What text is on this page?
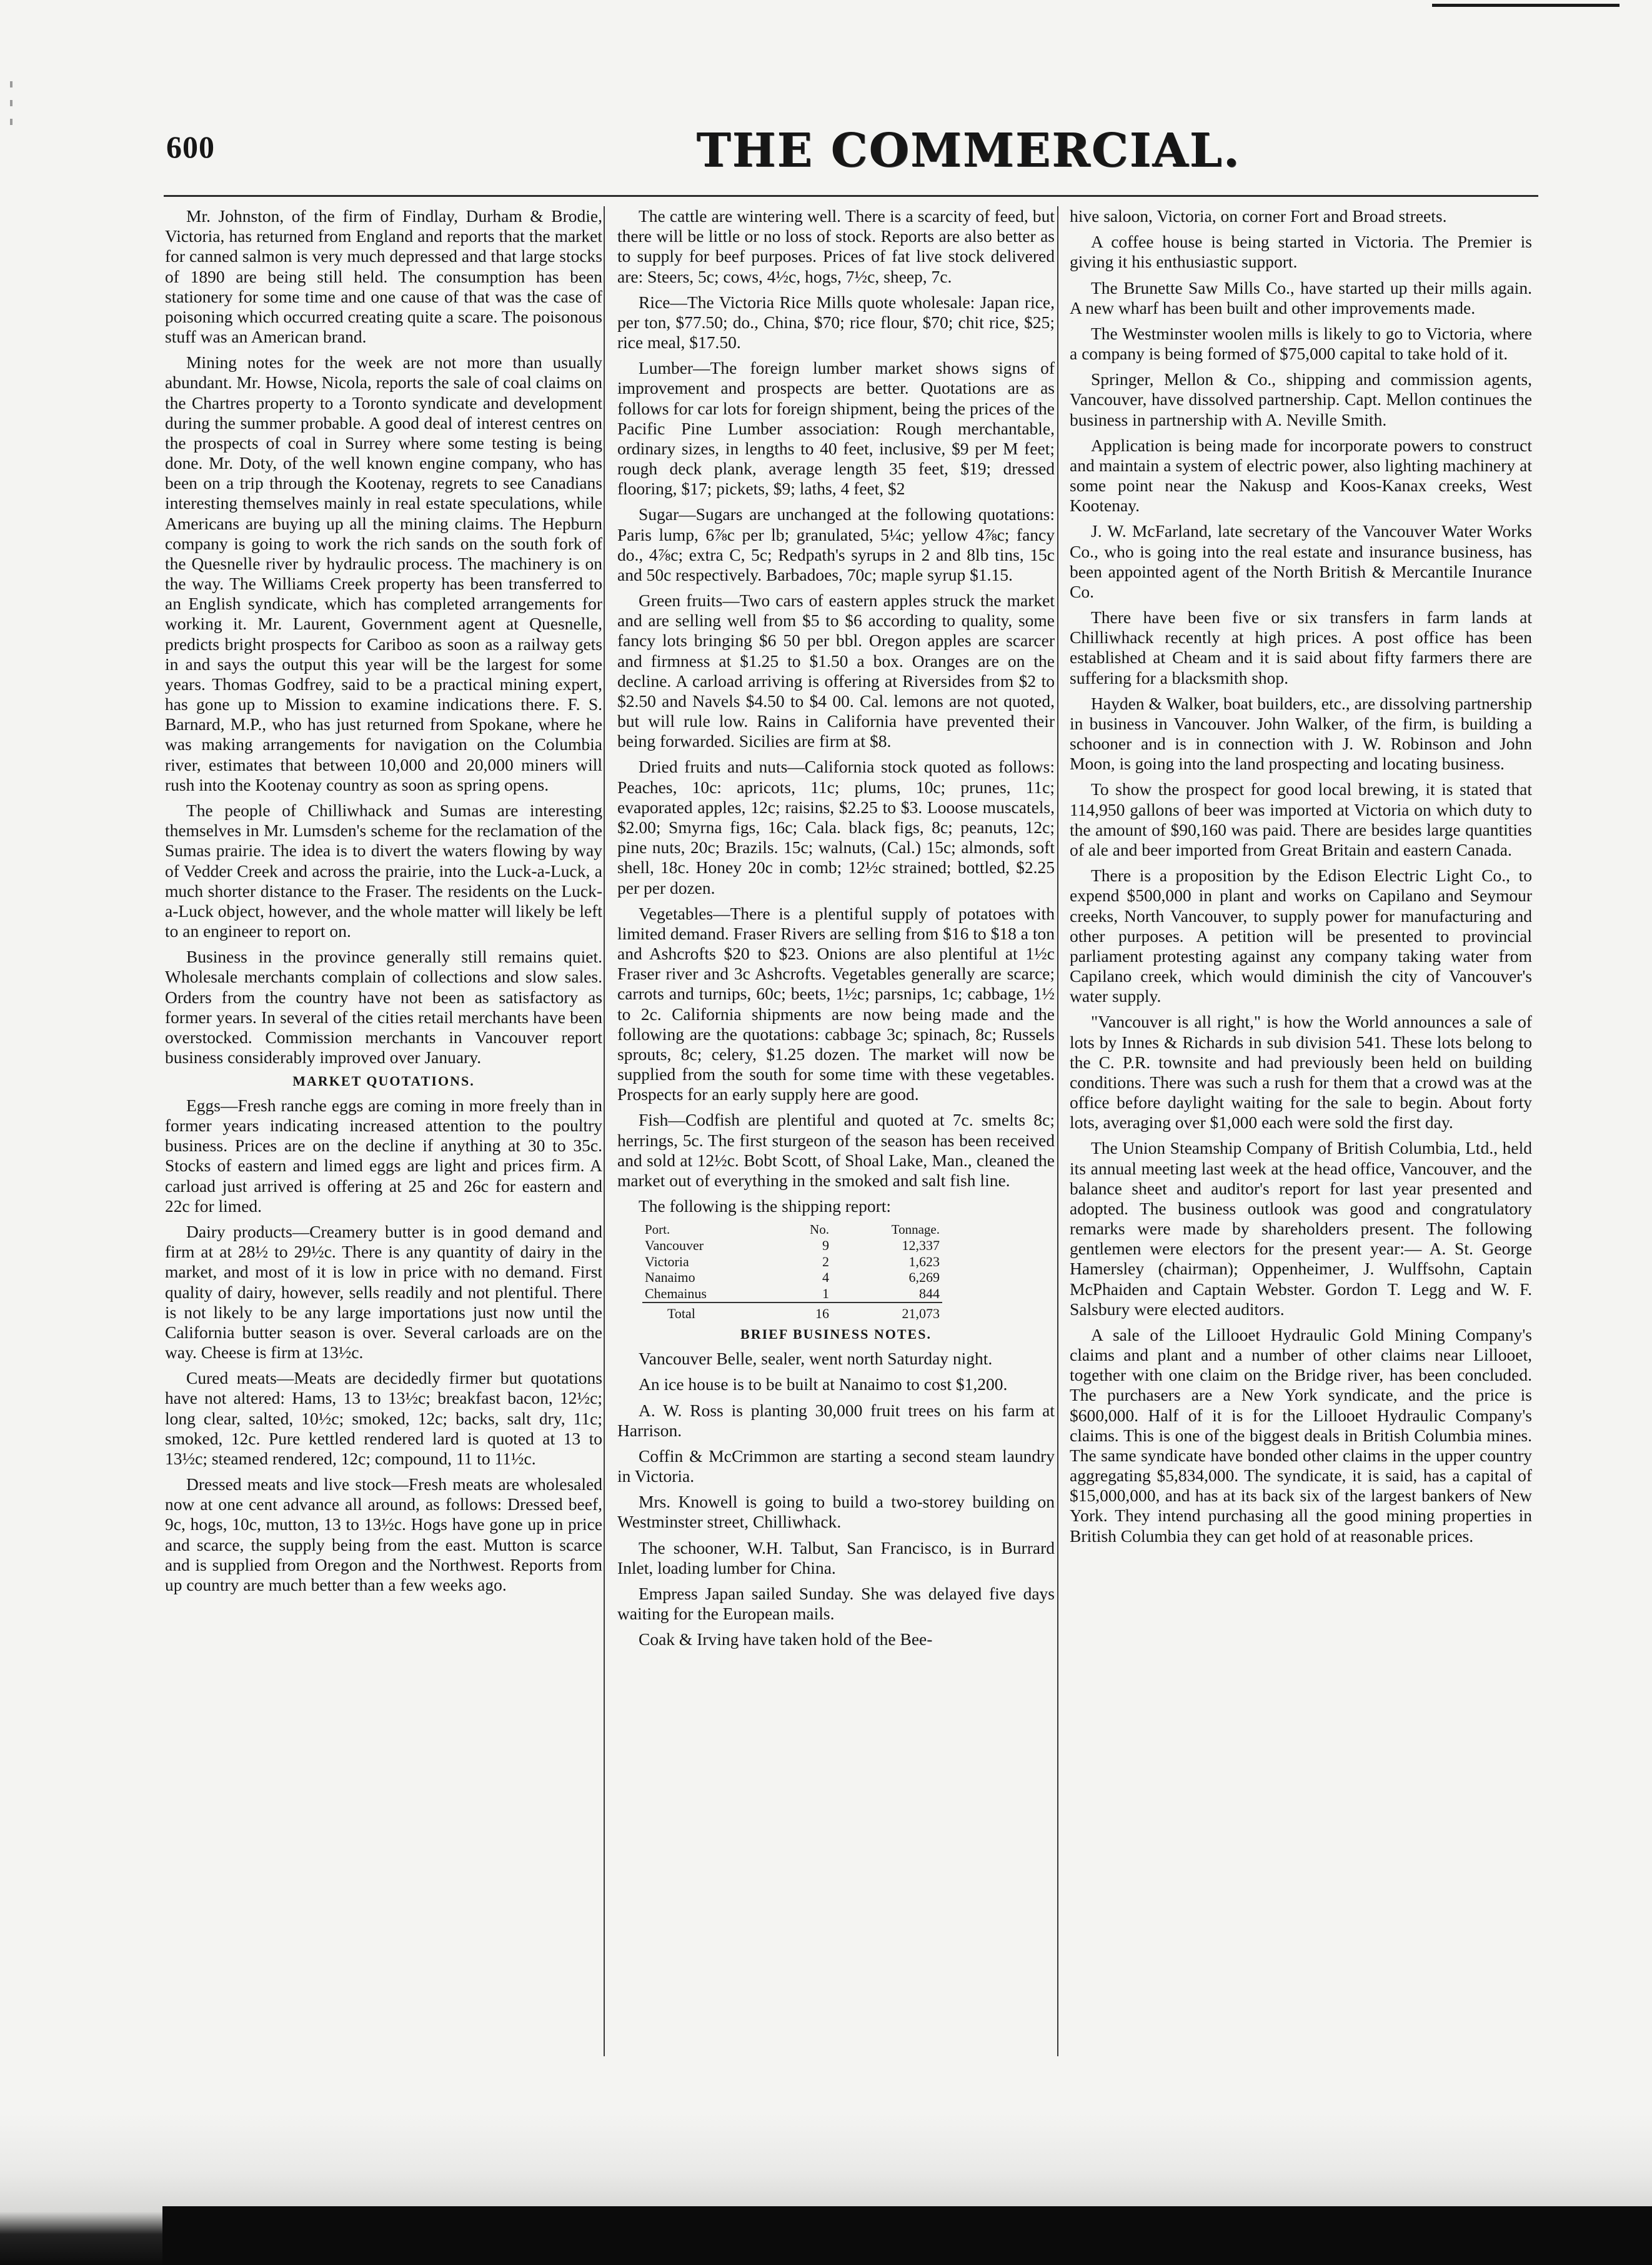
600	THE COMMERCIAL.

Mr. Johnston, of the firm of Findlay, Durham & Brodie, Victoria, has returned from England and reports that the market for canned salmon is very much depressed and that large stocks of 1890 are being still held. The consumption has been stationery for some time and one cause of that was the case of poisoning which occurred creating quite a scare. The poisonous stuff was an American brand.

Mining notes for the week are not more than usually abundant. Mr. Howse, Nicola, reports the sale of coal claims on the Chartres property to a Toronto syndicate and development during the summer probable. A good deal of interest centres on the prospects of coal in Surrey where some testing is being done. Mr. Doty, of the well known engine company, who has been on a trip through the Kootenay, regrets to see Canadians interesting themselves mainly in real estate speculations, while Americans are buying up all the mining claims. The Hepburn company is going to work the rich sands on the south fork of the Quesnelle river by hydraulic process. The machinery is on the way. The Williams Creek property has been transferred to an English syndicate, which has completed arrangements for working it. Mr. Laurent, Government agent at Quesnelle, predicts bright prospects for Cariboo as soon as a railway gets in and says the output this year will be the largest for some years. Thomas Godfrey, said to be a practical mining expert, has gone up to Mission to examine indications there. F. S. Barnard, M.P., who has just returned from Spokane, where he was making arrangements for navigation on the Columbia river, estimates that between 10,000 and 20,000 miners will rush into the Kootenay country as soon as spring opens.

The people of Chilliwhack and Sumas are interesting themselves in Mr. Lumsden's scheme for the reclamation of the Sumas prairie. The idea is to divert the waters flowing by way of Vedder Creek and across the prairie, into the Luck-a-Luck, a much shorter distance to the Fraser. The residents on the Luck-a-Luck object, however, and the whole matter will likely be left to an engineer to report on.

Business in the province generally still remains quiet. Wholesale merchants complain of collections and slow sales. Orders from the country have not been as satisfactory as former years. In several of the cities retail merchants have been overstocked. Commission merchants in Vancouver report business considerably improved over January.

MARKET QUOTATIONS.

Eggs—Fresh ranche eggs are coming in more freely than in former years indicating increased attention to the poultry business. Prices are on the decline if anything at 30 to 35c. Stocks of eastern and limed eggs are light and prices firm. A carload just arrived is offering at 25 and 26c for eastern and 22c for limed.

Dairy products—Creamery butter is in good demand and firm at at 28½ to 29½c. There is any quantity of dairy in the market, and most of it is low in price with no demand. First quality of dairy, however, sells readily and not plentiful. There is not likely to be any large importations just now until the California butter season is over. Several carloads are on the way. Cheese is firm at 13½c.

Cured meats—Meats are decidedly firmer but quotations have not altered: Hams, 13 to 13½c; breakfast bacon, 12½c; long clear, salted, 10½c; smoked, 12c; backs, salt dry, 11c; smoked, 12c. Pure kettled rendered lard is quoted at 13 to 13½c; steamed rendered, 12c; compound, 11 to 11½c.

Dressed meats and live stock—Fresh meats are wholesaled now at one cent advance all around, as follows: Dressed beef, 9c, hogs, 10c, mutton, 13 to 13½c. Hogs have gone up in price and scarce, the supply being from the east. Mutton is scarce and is supplied from Oregon and the Northwest. Reports from up country are much better than a few weeks ago.

The cattle are wintering well. There is a scarcity of feed, but there will be little or no loss of stock. Reports are also better as to supply for beef purposes. Prices of fat live stock delivered are: Steers, 5c; cows, 4½c, hogs, 7½c, sheep, 7c.

Rice—The Victoria Rice Mills quote wholesale: Japan rice, per ton, $77.50; do., China, $70; rice flour, $70; chit rice, $25; rice meal, $17.50.

Lumber—The foreign lumber market shows signs of improvement and prospects are better. Quotations are as follows for car lots for foreign shipment, being the prices of the Pacific Pine Lumber association: Rough merchantable, ordinary sizes, in lengths to 40 feet, inclusive, $9 per M feet; rough deck plank, average length 35 feet, $19; dressed flooring, $17; pickets, $9; laths, 4 feet, $2

Sugar—Sugars are unchanged at the following quotations: Paris lump, 6⅞c per lb; granulated, 5¼c; yellow 4⅞c; fancy do., 4⅞c; extra C, 5c; Redpath's syrups in 2 and 8lb tins, 15c and 50c respectively. Barbadoes, 70c; maple syrup $1.15.

Green fruits—Two cars of eastern apples struck the market and are selling well from $5 to $6 according to quality, some fancy lots bringing $6 50 per bbl. Oregon apples are scarcer and firmness at $1.25 to $1.50 a box. Oranges are on the decline. A carload arriving is offering at Riversides from $2 to $2.50 and Navels $4.50 to $4 00. Cal. lemons are not quoted, but will rule low. Rains in California have prevented their being forwarded. Sicilies are firm at $8.

Dried fruits and nuts—California stock quoted as follows: Peaches, 10c: apricots, 11c; plums, 10c; prunes, 11c; evaporated apples, 12c; raisins, $2.25 to $3. Looose muscatels, $2.00; Smyrna figs, 16c; Cala. black figs, 8c; peanuts, 12c; pine nuts, 20c; Brazils. 15c; walnuts, (Cal.) 15c; almonds, soft shell, 18c. Honey 20c in comb; 12½c strained; bottled, $2.25 per per dozen.

Vegetables—There is a plentiful supply of potatoes with limited demand. Fraser Rivers are selling from $16 to $18 a ton and Ashcrofts $20 to $23. Onions are also plentiful at 1½c Fraser river and 3c Ashcrofts. Vegetables generally are scarce; carrots and turnips, 60c; beets, 1½c; parsnips, 1c; cabbage, 1½ to 2c. California shipments are now being made and the following are the quotations: cabbage 3c; spinach, 8c; Russels sprouts, 8c; celery, $1.25 dozen. The market will now be supplied from the south for some time with these vegetables. Prospects for an early supply here are good.

Fish—Codfish are plentiful and quoted at 7c. smelts 8c; herrings, 5c. The first sturgeon of the season has been received and sold at 12½c. Bobt Scott, of Shoal Lake, Man., cleaned the market out of everything in the smoked and salt fish line.

The following is the shipping report:

Port.	No.	Tonnage.
Vancouver	9	12,337
Victoria	2	1,623
Nanaimo	4	6,269
Chemainus	1	844
Total	16	21,073
BRIEF BUSINESS NOTES.

Vancouver Belle, sealer, went north Saturday night.

An ice house is to be built at Nanaimo to cost $1,200.

A. W. Ross is planting 30,000 fruit trees on his farm at Harrison.

Coffin & McCrimmon are starting a second steam laundry in Victoria.

Mrs. Knowell is going to build a two-storey building on Westminster street, Chilliwhack.

The schooner, W.H. Talbut, San Francisco, is in Burrard Inlet, loading lumber for China.

Empress Japan sailed Sunday. She was delayed five days waiting for the European mails.

Coak & Irving have taken hold of the Bee-

hive saloon, Victoria, on corner Fort and Broad streets.

A coffee house is being started in Victoria. The Premier is giving it his enthusiastic support.

The Brunette Saw Mills Co., have started up their mills again. A new wharf has been built and other improvements made.

The Westminster woolen mills is likely to go to Victoria, where a company is being formed of $75,000 capital to take hold of it.

Springer, Mellon & Co., shipping and commission agents, Vancouver, have dissolved partnership. Capt. Mellon continues the business in partnership with A. Neville Smith.

Application is being made for incorporate powers to construct and maintain a system of electric power, also lighting machinery at some point near the Nakusp and Koos-Kanax creeks, West Kootenay.

J. W. McFarland, late secretary of the Vancouver Water Works Co., who is going into the real estate and insurance business, has been appointed agent of the North British & Mercantile Inurance Co.

There have been five or six transfers in farm lands at Chilliwhack recently at high prices. A post office has been established at Cheam and it is said about fifty farmers there are suffering for a blacksmith shop.

Hayden & Walker, boat builders, etc., are dissolving partnership in business in Vancouver. John Walker, of the firm, is building a schooner and is in connection with J. W. Robinson and John Moon, is going into the land prospecting and locating business.

To show the prospect for good local brewing, it is stated that 114,950 gallons of beer was imported at Victoria on which duty to the amount of $90,160 was paid. There are besides large quantities of ale and beer imported from Great Britain and eastern Canada.

There is a proposition by the Edison Electric Light Co., to expend $500,000 in plant and works on Capilano and Seymour creeks, North Vancouver, to supply power for manufacturing and other purposes. A petition will be presented to provincial parliament protesting against any company taking water from Capilano creek, which would diminish the city of Vancouver's water supply.

"Vancouver is all right," is how the World announces a sale of lots by Innes & Richards in sub division 541. These lots belong to the C. P.R. townsite and had previously been held on building conditions. There was such a rush for them that a crowd was at the office before daylight waiting for the sale to begin. About forty lots, averaging over $1,000 each were sold the first day.

The Union Steamship Company of British Columbia, Ltd., held its annual meeting last week at the head office, Vancouver, and the balance sheet and auditor's report for last year presented and adopted. The business outlook was good and congratulatory remarks were made by shareholders present. The following gentlemen were electors for the present year:— A. St. George Hamersley (chairman); Oppenheimer, J. Wulffsohn, Captain McPhaiden and Captain Webster. Gordon T. Legg and W. F. Salsbury were elected auditors.

A sale of the Lillooet Hydraulic Gold Mining Company's claims and plant and a number of other claims near Lillooet, together with one claim on the Bridge river, has been concluded. The purchasers are a New York syndicate, and the price is $600,000. Half of it is for the Lillooet Hydraulic Company's claims. This is one of the biggest deals in British Columbia mines. The same syndicate have bonded other claims in the upper country aggregating $5,834,000. The syndicate, it is said, has a capital of $15,000,000, and has at its back six of the largest bankers of New York. They intend purchasing all the good mining properties in British Columbia they can get hold of at reasonable prices.
